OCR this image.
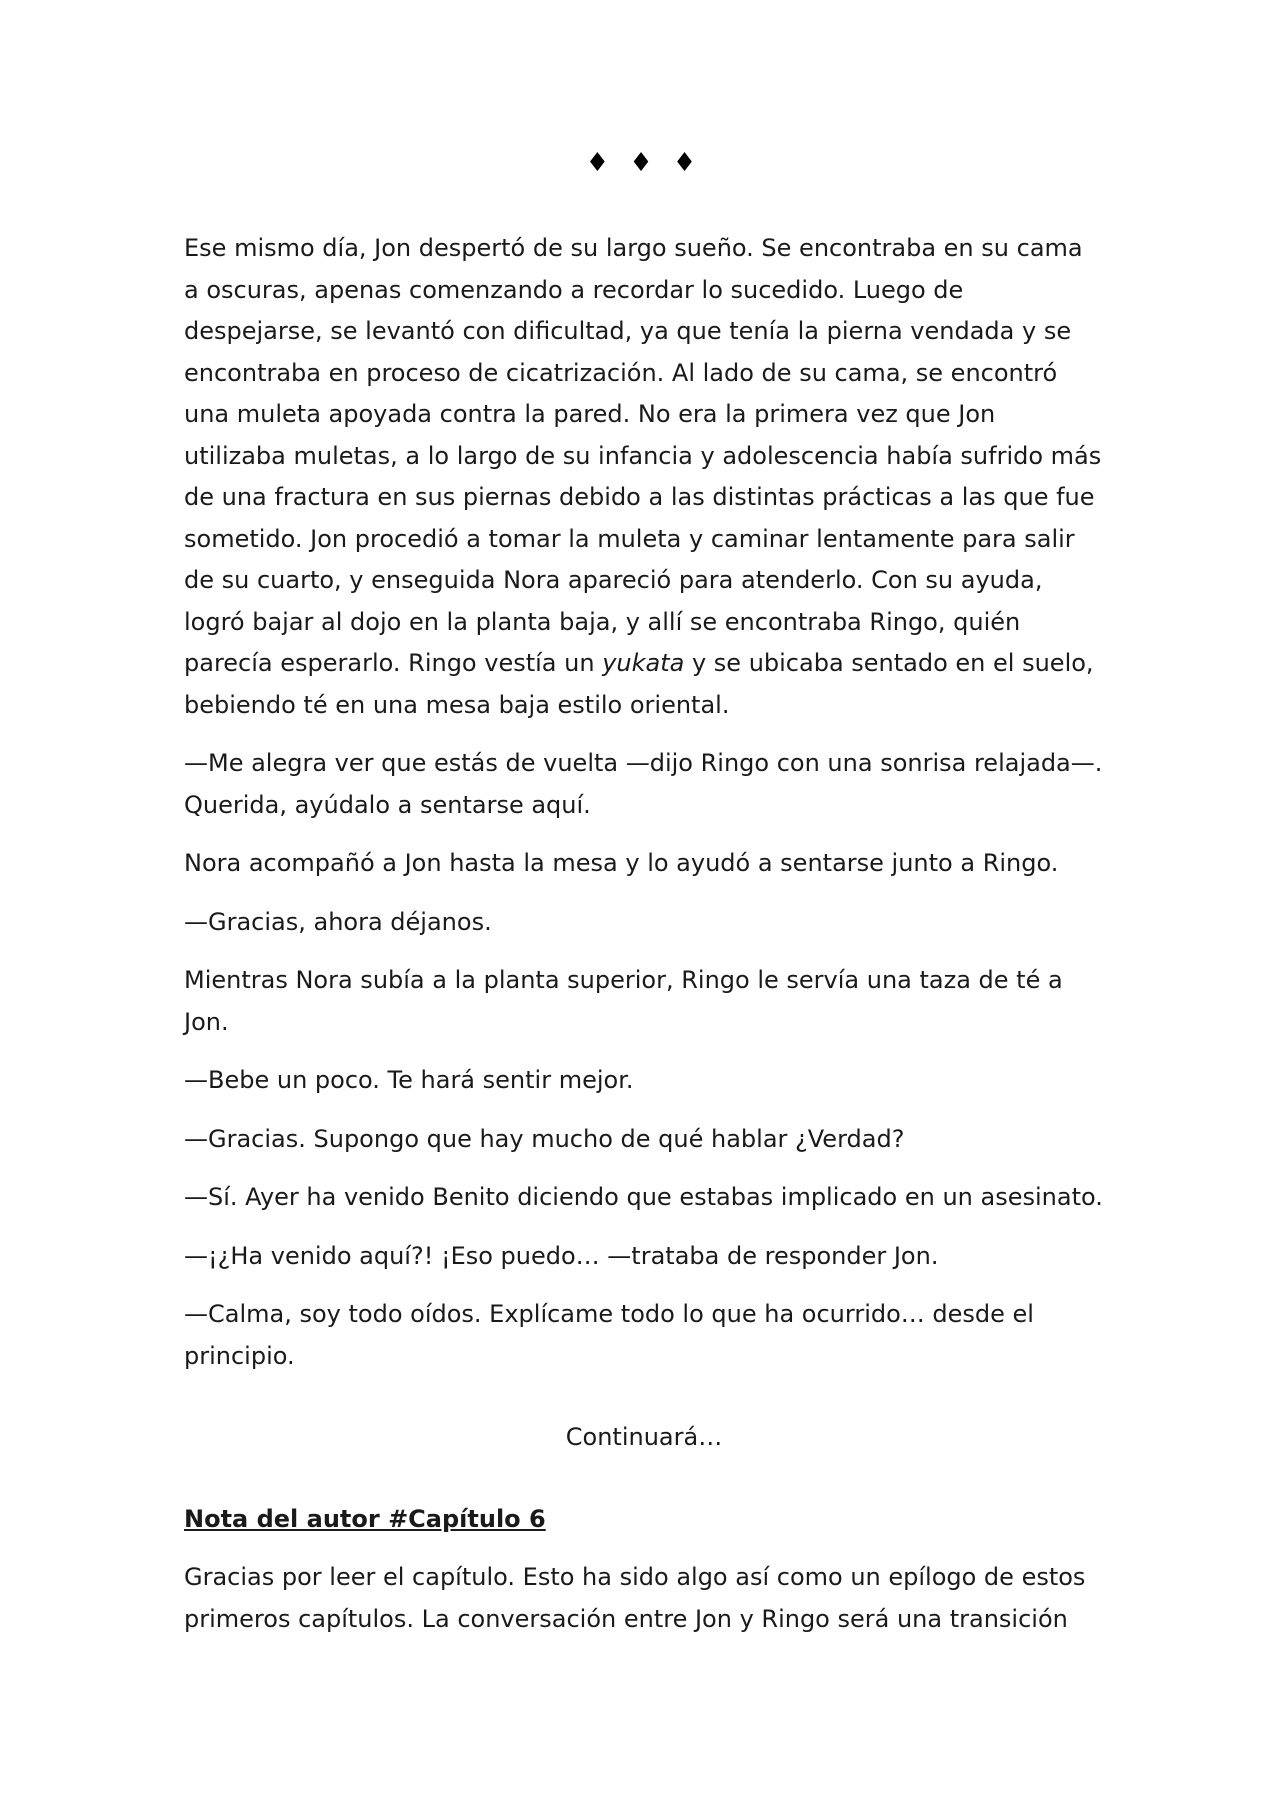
♦ ♦ ♦

Ese mismo día, Jon despertó de su largo sueño. Se encontraba en su cama a oscuras, apenas comenzando a recordar lo sucedido. Luego de despejarse, se levantó con dificultad, ya que tenía la pierna vendada y se encontraba en proceso de cicatrización. Al lado de su cama, se encontró una muleta apoyada contra la pared. No era la primera vez que Jon utilizaba muletas, a lo largo de su infancia y adolescencia había sufrido más de una fractura en sus piernas debido a las distintas prácticas a las que fue sometido. Jon procedió a tomar la muleta y caminar lentamente para salir de su cuarto, y enseguida Nora apareció para atenderlo. Con su ayuda, logró bajar al dojo en la planta baja, y allí se encontraba Ringo, quién parecía esperarlo. Ringo vestía un yukata y se ubicaba sentado en el suelo, bebiendo té en una mesa baja estilo oriental.

—Me alegra ver que estás de vuelta —dijo Ringo con una sonrisa relajada—. Querida, ayúdalo a sentarse aquí.

Nora acompañó a Jon hasta la mesa y lo ayudó a sentarse junto a Ringo.

—Gracias, ahora déjanos.

Mientras Nora subía a la planta superior, Ringo le servía una taza de té a Jon.

—Bebe un poco. Te hará sentir mejor.

—Gracias. Supongo que hay mucho de qué hablar ¿Verdad?

—Sí. Ayer ha venido Benito diciendo que estabas implicado en un asesinato.

—¡¿Ha venido aquí?! ¡Eso puedo… —trataba de responder Jon.

—Calma, soy todo oídos. Explícame todo lo que ha ocurrido… desde el principio.

Continuará…

Nota del autor #Capítulo 6

Gracias por leer el capítulo. Esto ha sido algo así como un epílogo de estos primeros capítulos. La conversación entre Jon y Ringo será una transición
